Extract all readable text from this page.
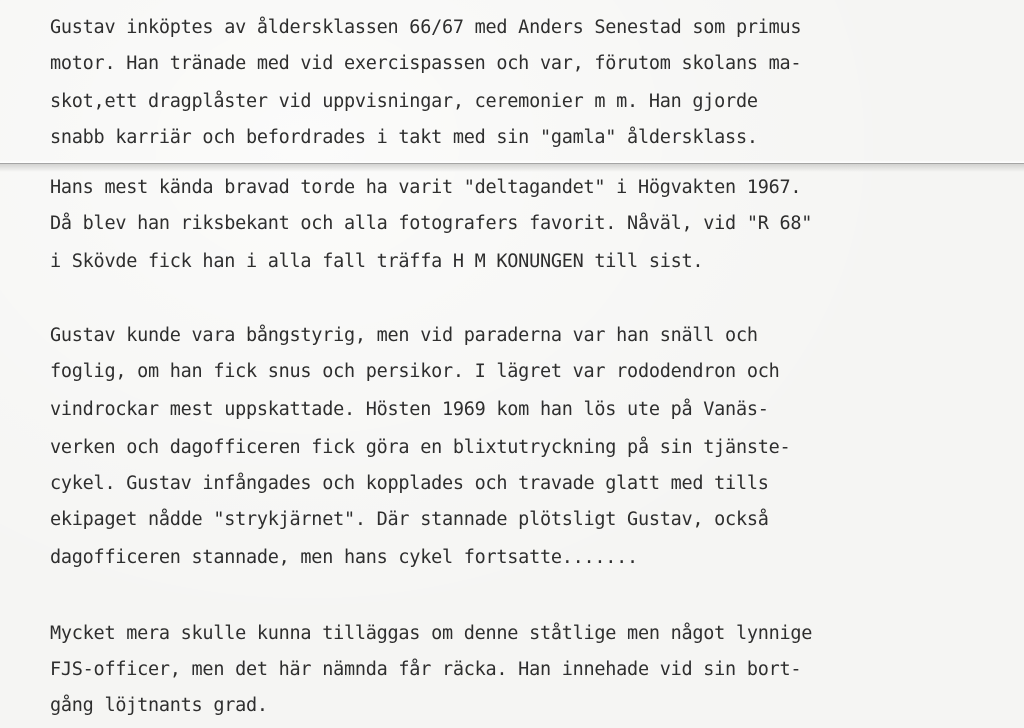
Gustav inköptes av åldersklassen 66/67 med Anders Senestad som primus
motor. Han tränade med vid exercispassen och var, förutom skolans ma-
skot,ett dragplåster vid uppvisningar, ceremonier m m. Han gjorde
snabb karriär och befordrades i takt med sin "gamla" åldersklass.
Hans mest kända bravad torde ha varit "deltagandet" i Högvakten 1967.
Då blev han riksbekant och alla fotografers favorit. Nåväl, vid "R 68"
i Skövde fick han i alla fall träffa H M KONUNGEN till sist.
Gustav kunde vara bångstyrig, men vid paraderna var han snäll och
foglig, om han fick snus och persikor. I lägret var rododendron och
vindrockar mest uppskattade. Hösten 1969 kom han lös ute på Vanäs-
verken och dagofficeren fick göra en blixtutryckning på sin tjänste-
cykel. Gustav infångades och kopplades och travade glatt med tills
ekipaget nådde "strykjärnet". Där stannade plötsligt Gustav, också
dagofficeren stannade, men hans cykel fortsatte.......
Mycket mera skulle kunna tilläggas om denne ståtlige men något lynnige
FJS-officer, men det här nämnda får räcka. Han innehade vid sin bort-
gång löjtnants grad.
